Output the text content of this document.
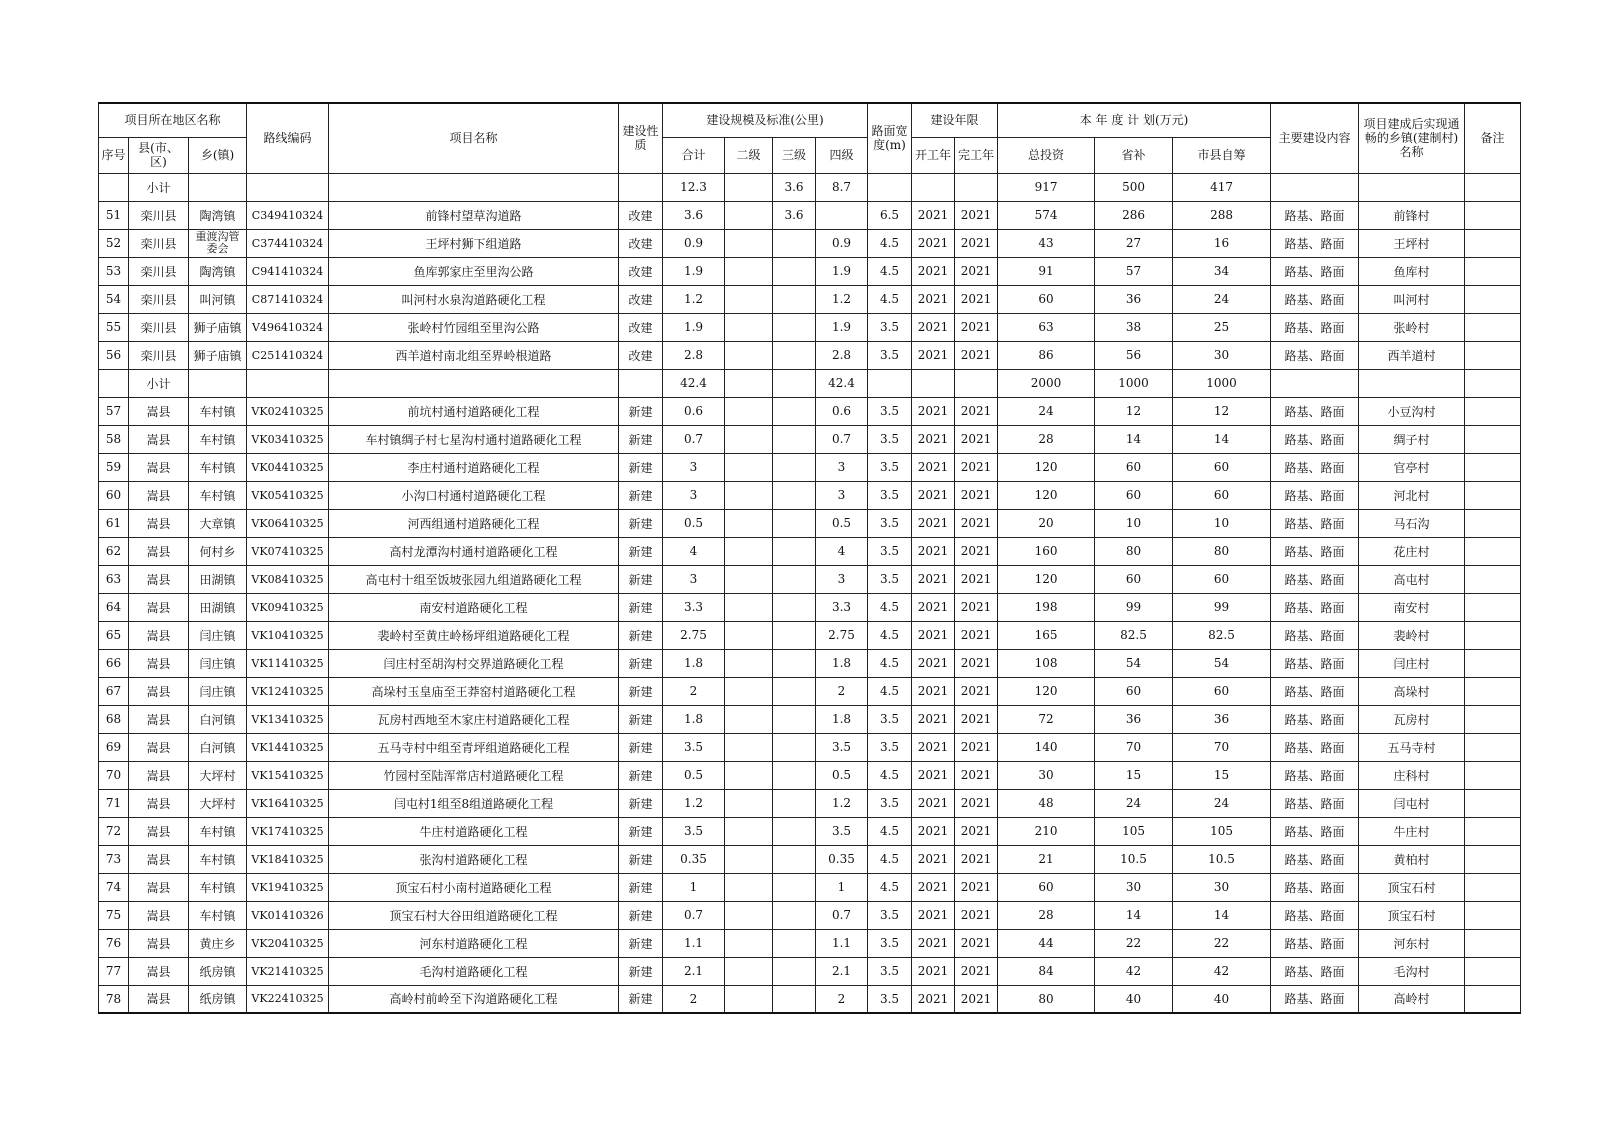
项目所在地区名称			路线编码	项目名称	建设性质	建设规模及标准(公里)				路面宽度(m)	建设年限		本 年 度 计 划(万元)			主要建设内容	项目建成后实现通畅的乡镇(建制村)名称	备注
序号	县(市、区)	乡(镇)				合计	二级	三级	四级		开工年	完工年	总投资	省补	市县自筹			
	小计					12.3		3.6	8.7				917	500	417			
51	栾川县	陶湾镇	C349410324	前锋村望草沟道路	改建	3.6		3.6		6.5	2021	2021	574	286	288	路基、路面	前锋村	
52	栾川县	重渡沟管委会	C374410324	王坪村狮下组道路	改建	0.9			0.9	4.5	2021	2021	43	27	16	路基、路面	王坪村	
53	栾川县	陶湾镇	C941410324	鱼库郭家庄至里沟公路	改建	1.9			1.9	4.5	2021	2021	91	57	34	路基、路面	鱼库村	
54	栾川县	叫河镇	C871410324	叫河村水泉沟道路硬化工程	改建	1.2			1.2	4.5	2021	2021	60	36	24	路基、路面	叫河村	
55	栾川县	狮子庙镇	V496410324	张岭村竹园组至里沟公路	改建	1.9			1.9	3.5	2021	2021	63	38	25	路基、路面	张岭村	
56	栾川县	狮子庙镇	C251410324	西羊道村南北组至界岭根道路	改建	2.8			2.8	3.5	2021	2021	86	56	30	路基、路面	西羊道村	
	小计					42.4			42.4				2000	1000	1000			
57	嵩县	车村镇	VK02410325	前坑村通村道路硬化工程	新建	0.6			0.6	3.5	2021	2021	24	12	12	路基、路面	小豆沟村	
58	嵩县	车村镇	VK03410325	车村镇绸子村七星沟村通村道路硬化工程	新建	0.7			0.7	3.5	2021	2021	28	14	14	路基、路面	绸子村	
59	嵩县	车村镇	VK04410325	李庄村通村道路硬化工程	新建	3			3	3.5	2021	2021	120	60	60	路基、路面	官亭村	
60	嵩县	车村镇	VK05410325	小沟口村通村道路硬化工程	新建	3			3	3.5	2021	2021	120	60	60	路基、路面	河北村	
61	嵩县	大章镇	VK06410325	河西组通村道路硬化工程	新建	0.5			0.5	3.5	2021	2021	20	10	10	路基、路面	马石沟	
62	嵩县	何村乡	VK07410325	高村龙潭沟村通村道路硬化工程	新建	4			4	3.5	2021	2021	160	80	80	路基、路面	花庄村	
63	嵩县	田湖镇	VK08410325	高屯村十组至饭坡张园九组道路硬化工程	新建	3			3	3.5	2021	2021	120	60	60	路基、路面	高屯村	
64	嵩县	田湖镇	VK09410325	南安村道路硬化工程	新建	3.3			3.3	4.5	2021	2021	198	99	99	路基、路面	南安村	
65	嵩县	闫庄镇	VK10410325	裴岭村至黄庄岭杨坪组道路硬化工程	新建	2.75			2.75	4.5	2021	2021	165	82.5	82.5	路基、路面	裴岭村	
66	嵩县	闫庄镇	VK11410325	闫庄村至胡沟村交界道路硬化工程	新建	1.8			1.8	4.5	2021	2021	108	54	54	路基、路面	闫庄村	
67	嵩县	闫庄镇	VK12410325	高垛村玉皇庙至王莽窑村道路硬化工程	新建	2			2	4.5	2021	2021	120	60	60	路基、路面	高垛村	
68	嵩县	白河镇	VK13410325	瓦房村西地至木家庄村道路硬化工程	新建	1.8			1.8	3.5	2021	2021	72	36	36	路基、路面	瓦房村	
69	嵩县	白河镇	VK14410325	五马寺村中组至青坪组道路硬化工程	新建	3.5			3.5	3.5	2021	2021	140	70	70	路基、路面	五马寺村	
70	嵩县	大坪村	VK15410325	竹园村至陆浑常店村道路硬化工程	新建	0.5			0.5	4.5	2021	2021	30	15	15	路基、路面	庄科村	
71	嵩县	大坪村	VK16410325	闫屯村1组至8组道路硬化工程	新建	1.2			1.2	3.5	2021	2021	48	24	24	路基、路面	闫屯村	
72	嵩县	车村镇	VK17410325	牛庄村道路硬化工程	新建	3.5			3.5	4.5	2021	2021	210	105	105	路基、路面	牛庄村	
73	嵩县	车村镇	VK18410325	张沟村道路硬化工程	新建	0.35			0.35	4.5	2021	2021	21	10.5	10.5	路基、路面	黄柏村	
74	嵩县	车村镇	VK19410325	顶宝石村小南村道路硬化工程	新建	1			1	4.5	2021	2021	60	30	30	路基、路面	顶宝石村	
75	嵩县	车村镇	VK01410326	顶宝石村大谷田组道路硬化工程	新建	0.7			0.7	3.5	2021	2021	28	14	14	路基、路面	顶宝石村	
76	嵩县	黄庄乡	VK20410325	河东村道路硬化工程	新建	1.1			1.1	3.5	2021	2021	44	22	22	路基、路面	河东村	
77	嵩县	纸房镇	VK21410325	毛沟村道路硬化工程	新建	2.1			2.1	3.5	2021	2021	84	42	42	路基、路面	毛沟村	
78	嵩县	纸房镇	VK22410325	高岭村前岭至下沟道路硬化工程	新建	2			2	3.5	2021	2021	80	40	40	路基、路面	高岭村	
